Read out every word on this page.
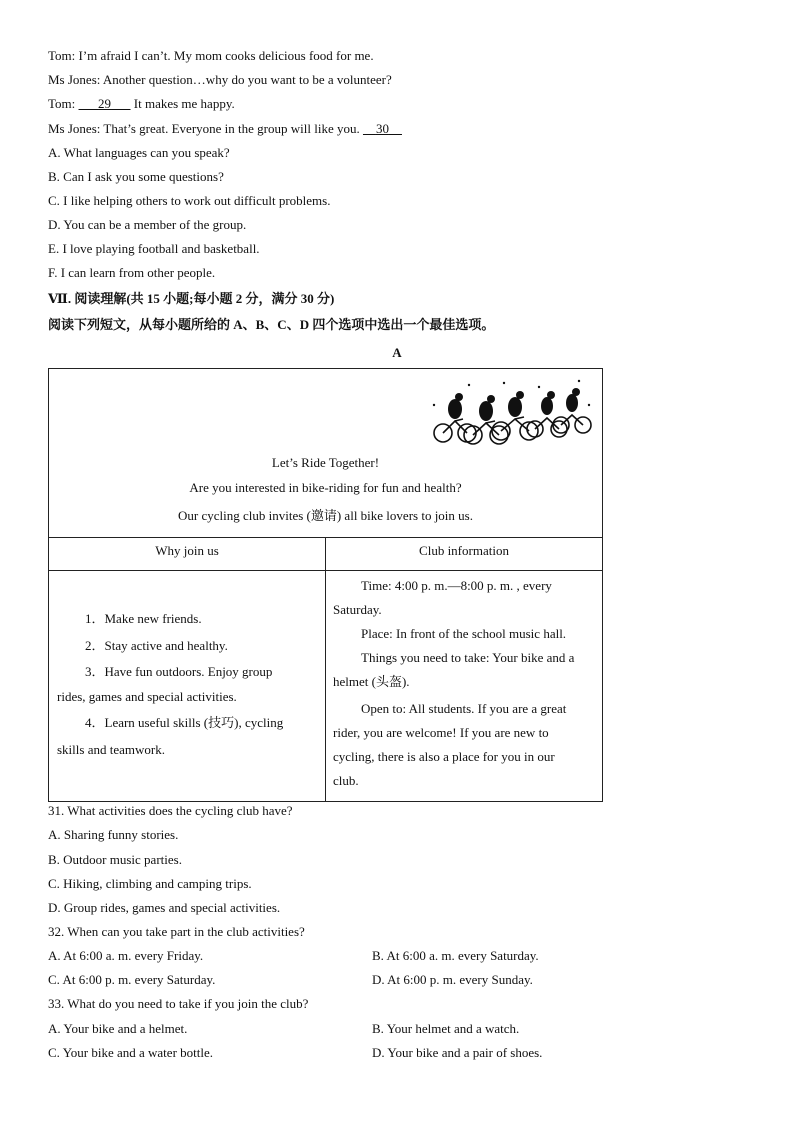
Tom: I’m afraid I can’t. My mom cooks delicious food for me.
Ms Jones: Another question…why do you want to be a volunteer?
Tom:       29       It makes me happy.
Ms Jones: That’s great. Everyone in the group will like you.     30
A. What languages can you speak?
B. Can I ask you some questions?
C. I like helping others to work out difficult problems.
D. You can be a member of the group.
E. I love playing football and basketball.
F. I can learn from other people.
Ⅶ. 阅读理解(共 15 小题;每小题 2 分，满分 30 分)
阅读下列短文，从每小题所给的 A、B、C、D 四个选项中选出一个最佳选项。
A
Let’s Ride Together!
Are you interested in bike-riding for fun and health?
Our cycling club invites (邀请) all bike lovers to join us.
Why join us	Club information
1．Make new friends.
2．Stay active and healthy.
3．Have fun outdoors. Enjoy group
rides, games and special activities.
4．Learn useful skills (技巧), cycling
skills and teamwork.
Time: 4:00 p. m.—8:00 p. m. , every
Saturday.
Place: In front of the school music hall.
Things you need to take: Your bike and a
helmet (头盔).
Open to: All students. If you are a great
rider, you are welcome! If you are new to
cycling, there is also a place for you in our
club.
31. What activities does the cycling club have?
A. Sharing funny stories.
B. Outdoor music parties.
C. Hiking, climbing and camping trips.
D. Group rides, games and special activities.
32. When can you take part in the club activities?
A. At 6:00 a. m. every Friday.	B. At 6:00 a. m. every Saturday.
C. At 6:00 p. m. every Saturday.	D. At 6:00 p. m. every Sunday.
33. What do you need to take if you join the club?
A. Your bike and a helmet.	B. Your helmet and a watch.
C. Your bike and a water bottle.	D. Your bike and a pair of shoes.
